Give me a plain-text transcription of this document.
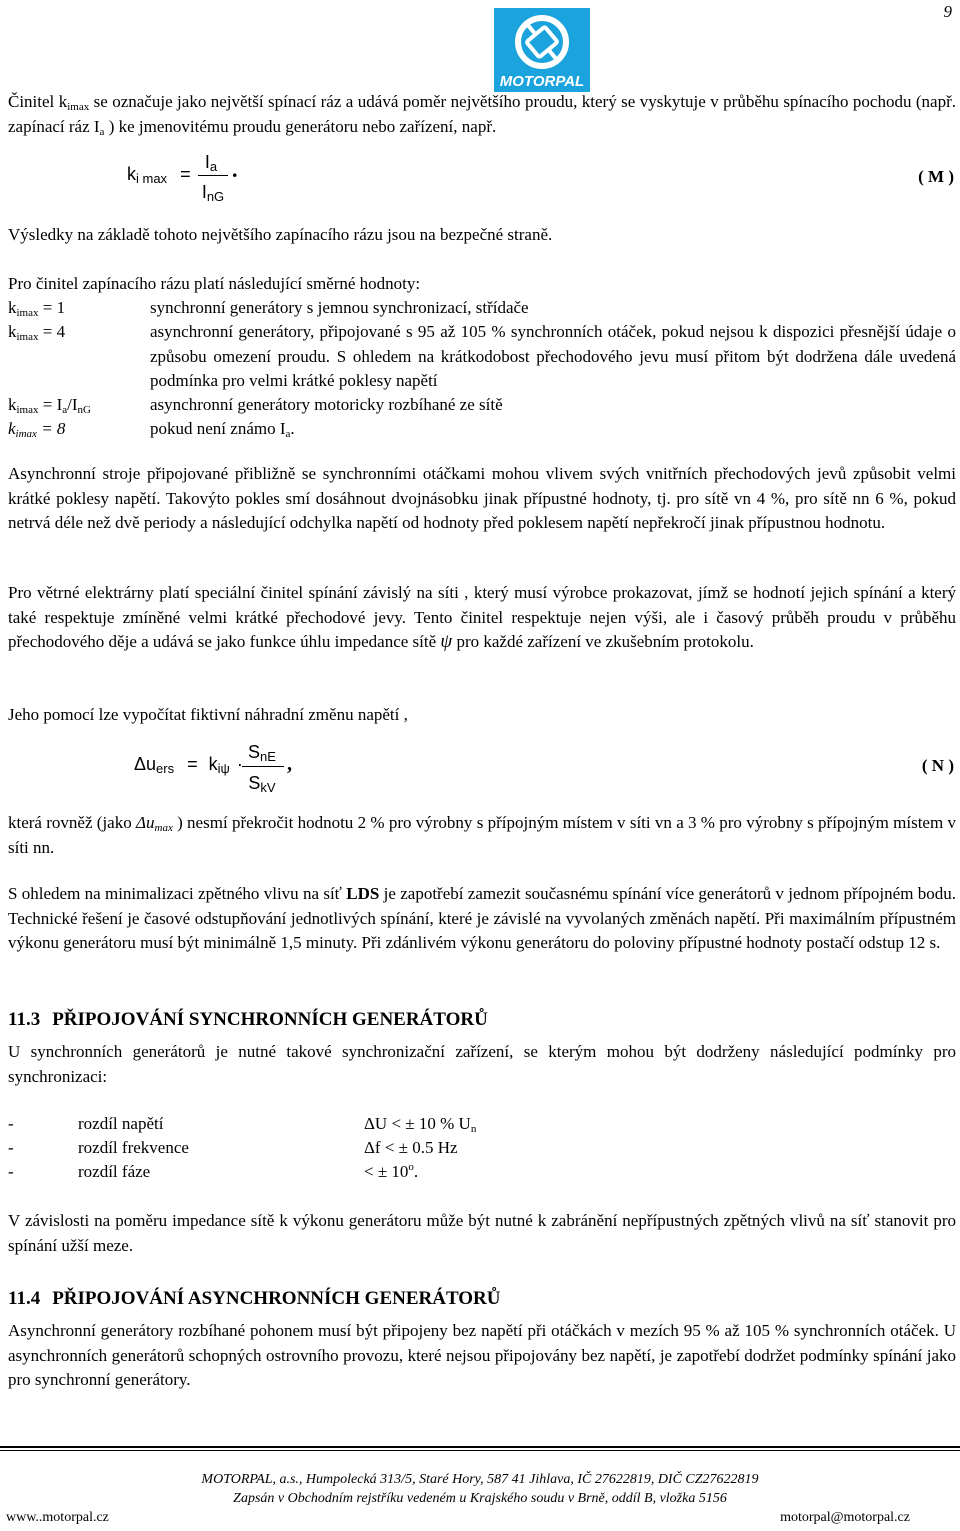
9
MOTORPAL

Činitel $k_{imax}$ se označuje jako největší spínací ráz a udává poměr největšího proudu, který se vyskytuje v průběhu spínacího pochodu (např. zapínací ráz $I_a$ ) ke jmenovitému proudu generátoru nebo zařízení, např.

$k_{i max}$ =
$I_a$
$I_{nG}$
.	( M )
Výsledky na základě tohoto největšího zapínacího rázu jsou na bezpečné straně.
Pro činitel zapínacího rázu platí následující směrné hodnoty:
$k_{imax} = 1$	synchronní generátory s jemnou synchronizací, střídače
$k_{imax} = 4$	asynchronní generátory, připojované s 95 až 105 % synchronních otáček, pokud nejsou k dispozici přesnější údaje o způsobu omezení proudu. S ohledem na krátkodobost přechodového jevu musí přitom být dodržena dále uvedená podmínka pro velmi krátké poklesy napětí
$k_{imax} = I_a/I_{nG}$	asynchronní generátory motoricky rozbíhané ze sítě
$k_{imax} = 8$	pokud není známo $I_a$.
Asynchronní stroje připojované přibližně se synchronními otáčkami mohou vlivem svých vnitřních přechodových jevů způsobit velmi krátké poklesy napětí. Takovýto pokles smí dosáhnout dvojnásobku jinak přípustné hodnoty, tj. pro sítě vn 4 %, pro sítě nn 6 %, pokud netrvá déle než dvě periody a následující odchylka napětí od hodnoty před poklesem napětí nepřekročí jinak přípustnou hodnotu.

Pro větrné elektrárny platí speciální činitel spínání závislý na síti , který musí výrobce prokazovat, jímž se hodnotí jejich spínání a který také respektuje zmíněné velmi krátké přechodové jevy. Tento činitel respektuje nejen výši, ale i časový průběh proudu v průběhu přechodového děje a udává se jako funkce úhlu impedance sítě ψ pro každé zařízení ve zkušebním protokolu.

Jeho pomocí lze vypočítat fiktivní náhradní změnu napětí ,
$\Delta u_{ers} = k_{i\psi}$ ·
$S_{nE}$
$S_{kV}$
,	( N )

která rovněž (jako $\Delta u_{max}$ ) nesmí překročit hodnotu 2 % pro výrobny s přípojným místem v síti vn a 3 % pro výrobny s přípojným místem v síti nn.

S ohledem na minimalizaci zpětného vlivu na síť LDS je zapotřebí zamezit současnému spínání více generátorů v jednom přípojném bodu. Technické řešení je časové odstupňování jednotlivých spínání, které je závislé na vyvolaných změnách napětí. Při maximálním přípustném výkonu generátoru musí být minimálně 1,5 minuty. Při zdánlivém výkonu generátoru do poloviny přípustné hodnoty postačí odstup 12 s.

11.3 PŘIPOJOVÁNÍ SYNCHRONNÍCH GENERÁTORŮ
U synchronních generátorů je nutné takové synchronizační zařízení, se kterým mohou být dodrženy následující podmínky pro synchronizaci:
-	rozdíl napětí	ΔU < ± 10 % $U_n$
-	rozdíl frekvence	Δf < ± 0.5 Hz
-	rozdíl fáze	< ± $10^o$.
V závislosti na poměru impedance sítě k výkonu generátoru může být nutné k zabránění nepřípustných zpětných vlivů na síť stanovit pro spínání užší meze.
11.4 PŘIPOJOVÁNÍ ASYNCHRONNÍCH GENERÁTORŮ
Asynchronní generátory rozbíhané pohonem musí být připojeny bez napětí při otáčkách v mezích 95 % až 105 % synchronních otáček. U asynchronních generátorů schopných ostrovního provozu, které nejsou připojovány bez napětí, je zapotřebí dodržet podmínky spínání jako pro synchronní generátory.
MOTORPAL, a.s., Humpolecká 313/5, Staré Hory, 587 41 Jihlava, IČ 27622819, DIČ CZ27622819
Zapsán v Obchodním rejstříku vedeném u Krajského soudu v Brně, oddíl B, vložka 5156
www..motorpal.cz	motorpal@motorpal.cz
